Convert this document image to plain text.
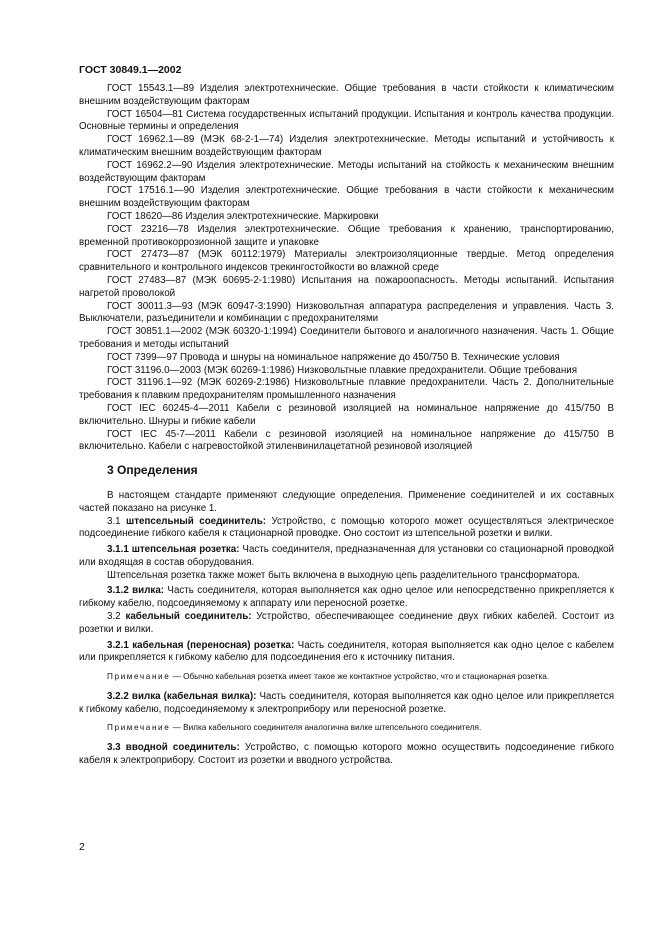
ГОСТ 30849.1—2002

ГОСТ 15543.1—89 Изделия электротехнические. Общие требования в части стойкости к климатическим внешним воздействующим факторам

ГОСТ 16504—81 Система государственных испытаний продукции. Испытания и контроль качества продукции. Основные термины и определения

ГОСТ 16962.1—89 (МЭК 68-2-1—74) Изделия электротехнические. Методы испытаний и устойчивость к климатическим внешним воздействующим факторам

ГОСТ 16962.2—90 Изделия электротехнические. Методы испытаний на стойкость к механическим внешним воздействующим факторам

ГОСТ 17516.1—90 Изделия электротехнические. Общие требования в части стойкости к механическим внешним воздействующим факторам

ГОСТ 18620—86 Изделия электротехнические. Маркировки

ГОСТ 23216—78 Изделия электротехнические. Общие требования к хранению, транспортированию, временной противокоррозионной защите и упаковке

ГОСТ 27473—87 (МЭК 60112:1979) Материалы электроизоляционные твердые. Метод определения сравнительного и контрольного индексов трекингостойкости во влажной среде

ГОСТ 27483—87 (МЭК 60695-2-1:1980) Испытания на пожароопасность. Методы испытаний. Испытания нагретой проволокой

ГОСТ 30011.3—93 (МЭК 60947-3:1990) Низковольтная аппаратура распределения и управления. Часть 3. Выключатели, разъединители и комбинации с предохранителями

ГОСТ 30851.1—2002 (МЭК 60320-1:1994) Соединители бытового и аналогичного назначения. Часть 1. Общие требования и методы испытаний

ГОСТ 7399—97 Провода и шнуры на номинальное напряжение до 450/750 В. Технические условия

ГОСТ 31196.0—2003 (МЭК 60269-1:1986) Низковольтные плавкие предохранители. Общие требования

ГОСТ 31196.1—92 (МЭК 60269-2:1986) Низковольтные плавкие предохранители. Часть 2. Дополнительные требования к плавким предохранителям промышленного назначения

ГОСТ IEC 60245-4—2011 Кабели с резиновой изоляцией на номинальное напряжение до 415/750 В включительно. Шнуры и гибкие кабели

ГОСТ IEC 45-7—2011 Кабели с резиновой изоляцией на номинальное напряжение до 415/750 В включительно. Кабели с нагревостойкой этиленвинилацетатной резиновой изоляцией

3 Определения

В настоящем стандарте применяют следующие определения. Применение соединителей и их составных частей показано на рисунке 1.

3.1 штепсельный соединитель: Устройство, с помощью которого может осуществляться электрическое подсоединение гибкого кабеля к стационарной проводке. Оно состоит из штепсельной розетки и вилки.

3.1.1 штепсельная розетка: Часть соединителя, предназначенная для установки со стационарной проводкой или входящая в состав оборудования.

Штепсельная розетка также может быть включена в выходную цепь разделительного трансформатора.

3.1.2 вилка: Часть соединителя, которая выполняется как одно целое или непосредственно прикрепляется к гибкому кабелю, подсоединяемому к аппарату или переносной розетке.

3.2 кабельный соединитель: Устройство, обеспечивающее соединение двух гибких кабелей. Состоит из розетки и вилки.

3.2.1 кабельная (переносная) розетка: Часть соединителя, которая выполняется как одно целое с кабелем или прикрепляется к гибкому кабелю для подсоединения его к источнику питания.

Примечание — Обычно кабельная розетка имеет такое же контактное устройство, что и стационарная розетка.

3.2.2 вилка (кабельная вилка): Часть соединителя, которая выполняется как одно целое или прикрепляется к гибкому кабелю, подсоединяемому к электроприбору или переносной розетке.

Примечание — Вилка кабельного соединителя аналогична вилке штепсельного соединителя.

3.3 вводной соединитель: Устройство, с помощью которого можно осуществить подсоединение гибкого кабеля к электроприбору. Состоит из розетки и вводного устройства.

2
